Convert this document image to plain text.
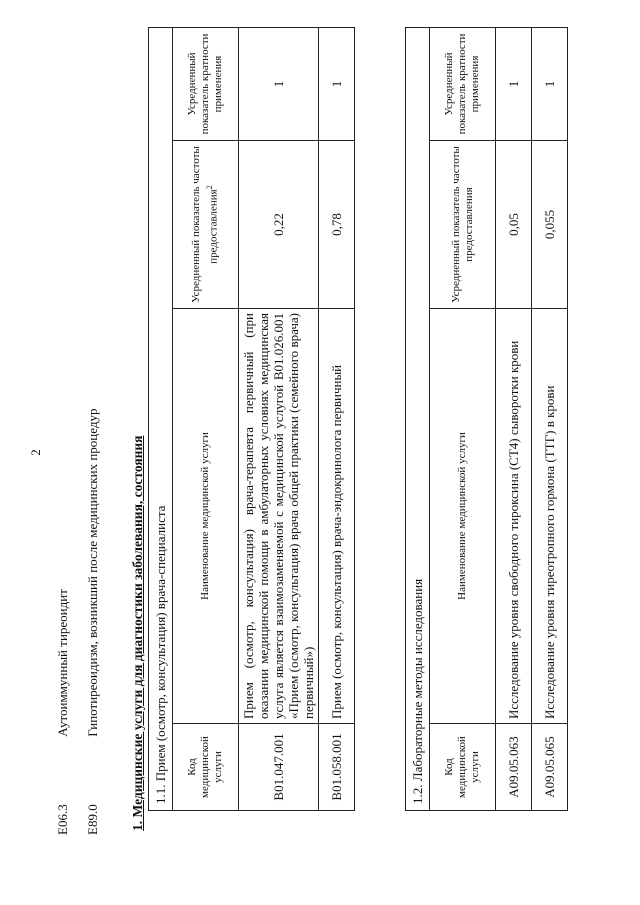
2
E06.3 Аутоиммунный тиреоидит
E89.0 Гипотиреоидизм, возникший после медицинских процедур 1. Медицинские услуги для диагностики заболевания, состояния 1.1. Прием (осмотр, консультация) врача-специалиста			
Код медицинской услуги	Наименование медицинской услуги	Усредненный показатель частоты предоставления$^2$	Усредненный показатель кратности применения
B01.047.001	Прием (осмотр, консультация) врача-терапевта первичный (при оказании медицинской помощи в амбулаторных условиях медицинская услуга является взаимозаменяемой с медицинской услугой B01.026.001 «Прием (осмотр, консультация) врача общей практики (семейного врача) первичный»)	0,22	1
B01.058.001	Прием (осмотр, консультация) врача-эндокринолога первичный	0,78	1
1.2. Лабораторные методы исследования			
Код медицинской услуги	Наименование медицинской услуги	Усредненный показатель частоты предоставления	Усредненный показатель кратности применения
A09.05.063	Исследование уровня свободного тироксина (СТ4) сыворотки крови	0,05	1
A09.05.065	Исследование уровня тиреотропного гормона (ТТГ) в крови	0,055	1
